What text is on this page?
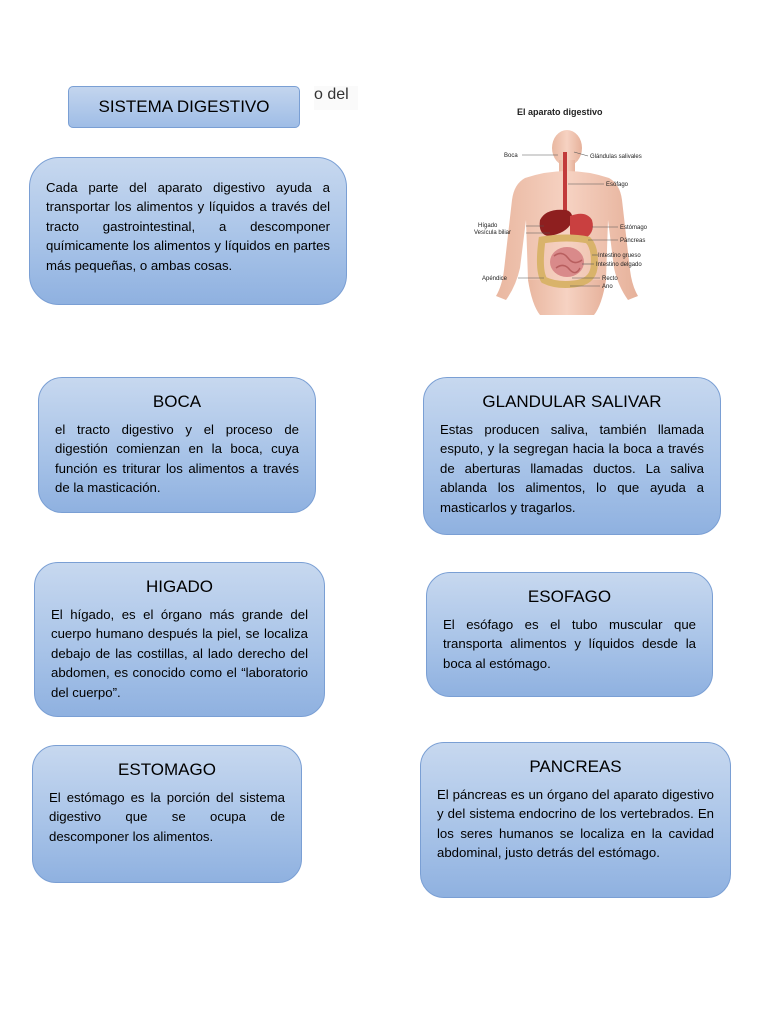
SISTEMA DIGESTIVO
o del
Cada parte del aparato digestivo ayuda a transportar los alimentos y líquidos a través del tracto gastrointestinal, a descomponer químicamente los alimentos y líquidos en partes más pequeñas, o ambas cosas.
El aparato digestivo
Boca	Glándulas salivales
Esófago
Hígado
Vesícula biliar
Estómago
Páncreas
Intestino grueso
Intestino delgado
Apéndice	Recto
Ano
BOCA
el tracto digestivo y el proceso de digestión comienzan en la boca, cuya función es triturar los alimentos a través de la masticación.
GLANDULAR SALIVAR
Estas producen saliva, también llamada esputo, y la segregan hacia la boca a través de aberturas llamadas ductos. La saliva ablanda los alimentos, lo que ayuda a masticarlos y tragarlos.
HIGADO
El hígado, es el órgano más grande del cuerpo humano después la piel, se localiza debajo de las costillas, al lado derecho del abdomen, es conocido como el “laboratorio del cuerpo”.
ESOFAGO
El esófago es el tubo muscular que transporta alimentos y líquidos desde la boca al estómago.
ESTOMAGO
El estómago es la porción del sistema digestivo que se ocupa de descomponer los alimentos.
PANCREAS
El páncreas es un órgano del aparato digestivo y del sistema endocrino de los vertebrados. En los seres humanos se localiza en la cavidad abdominal, justo detrás del estómago.
